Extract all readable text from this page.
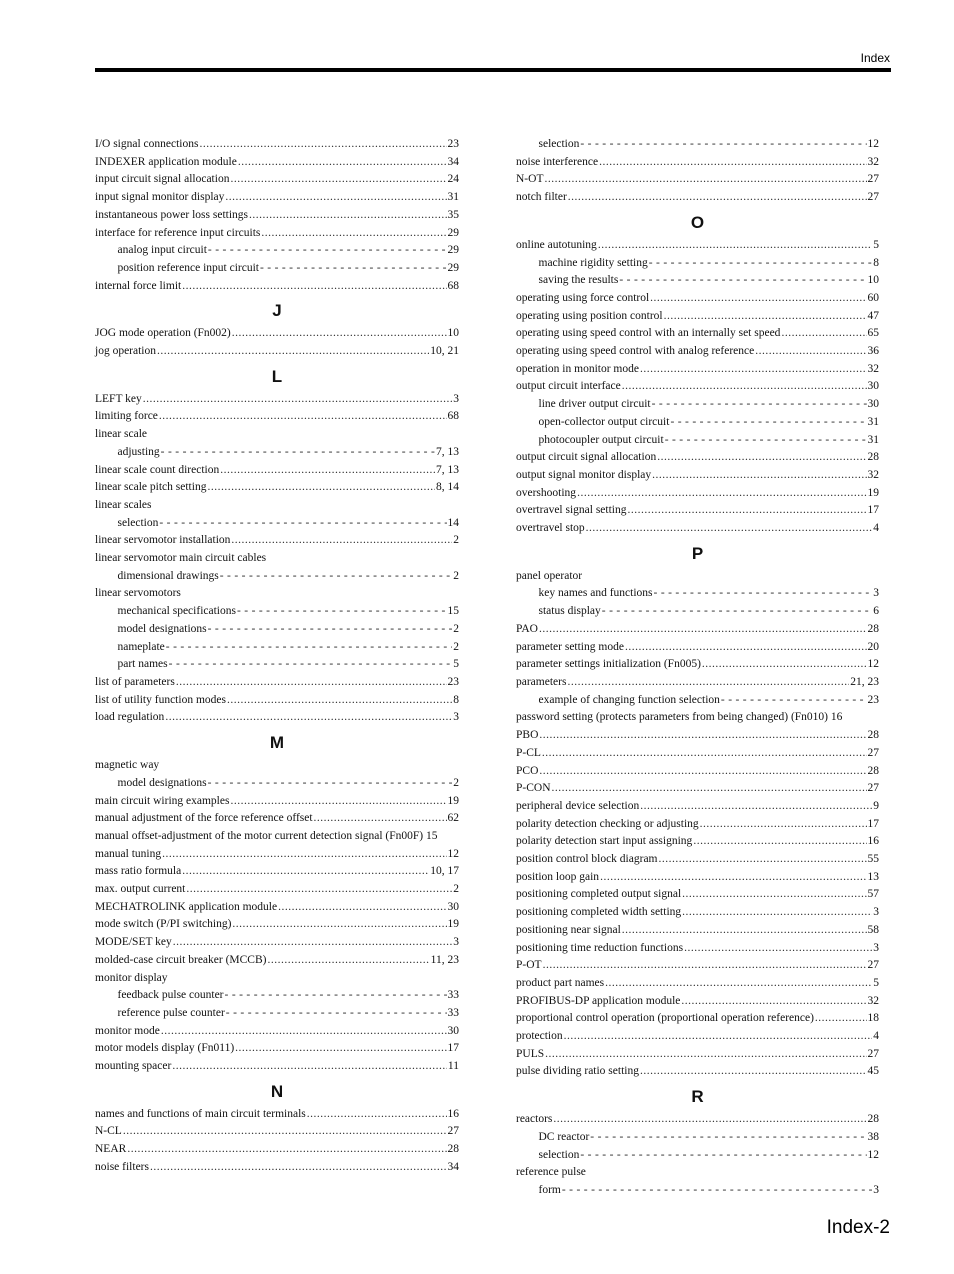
Index
I/O signal connections .....	23
INDEXER application module .....	34
input circuit signal allocation .....	24
input signal monitor display .....	31
instantaneous power loss settings .....	35
interface for reference input circuits .....	29
analog input circuit - - -	29
position reference input circuit - - -	29
internal force limit .....	68
J
JOG mode operation (Fn002) .....	10
jog operation .....	10, 21
L
LEFT key .....	3
limiting force .....	68
linear scale
adjusting - - -	7, 13
linear scale count direction .....	7, 13
linear scale pitch setting .....	8, 14
linear scales
selection - - -	14
linear servomotor installation .....	2
linear servomotor main circuit cables
dimensional drawings - - -	2
linear servomotors
mechanical specifications - - -	15
model designations - - -	2
nameplate - - -	2
part names - - -	5
list of parameters .....	23
list of utility function modes .....	8
load regulation .....	3
M
magnetic way
model designations - - -	2
main circuit wiring examples .....	19
manual adjustment of the force reference offset .....	62
manual offset-adjustment of the motor current detection signal (Fn00F) 15
manual tuning .....	12
mass ratio formula .....	10, 17
max. output current .....	2
MECHATROLINK application module .....	30
mode switch (P/PI switching) .....	19
MODE/SET key .....	3
molded-case circuit breaker (MCCB) .....	11, 23
monitor display
feedback pulse counter - - -	33
reference pulse counter - - -	33
monitor mode .....	30
motor models display (Fn011) .....	17
mounting spacer .....	11
N
names and functions of main circuit terminals .....	16
N-CL .....	27
NEAR .....	28
noise filters .....	34
selection - - -	12
noise interference .....	32
N-OT .....	27
notch filter .....	27
O
online autotuning .....	5
machine rigidity setting - - -	8
saving the results - - -	10
operating using force control .....	60
operating using position control .....	47
operating using speed control with an internally set speed .....	65
operating using speed control with analog reference .....	36
operation in monitor mode .....	32
output circuit interface .....	30
line driver output circuit - - -	30
open-collector output circuit - - -	31
photocoupler output circuit - - -	31
output circuit signal allocation .....	28
output signal monitor display .....	32
overshooting .....	19
overtravel signal setting .....	17
overtravel stop .....	4
P
panel operator
key names and functions - - -	3
status display - - -	6
PAO .....	28
parameter setting mode .....	20
parameter settings initialization (Fn005) .....	12
parameters .....	21, 23
example of changing function selection - - -	23
password setting (protects parameters from being changed) (Fn010) 16
PBO .....	28
P-CL .....	27
PCO .....	28
P-CON .....	27
peripheral device selection .....	9
polarity detection checking or adjusting .....	17
polarity detection start input assigning .....	16
position control block diagram .....	55
position loop gain .....	13
positioning completed output signal .....	57
positioning completed width setting .....	3
positioning near signal .....	58
positioning time reduction functions .....	3
P-OT .....	27
product part names .....	5
PROFIBUS-DP application module .....	32
proportional control operation (proportional operation reference) .....	18
protection .....	4
PULS .....	27
pulse dividing ratio setting .....	45
R
reactors .....	28
DC reactor - - -	38
selection - - -	12
reference pulse
form - - -	3
Index-2
